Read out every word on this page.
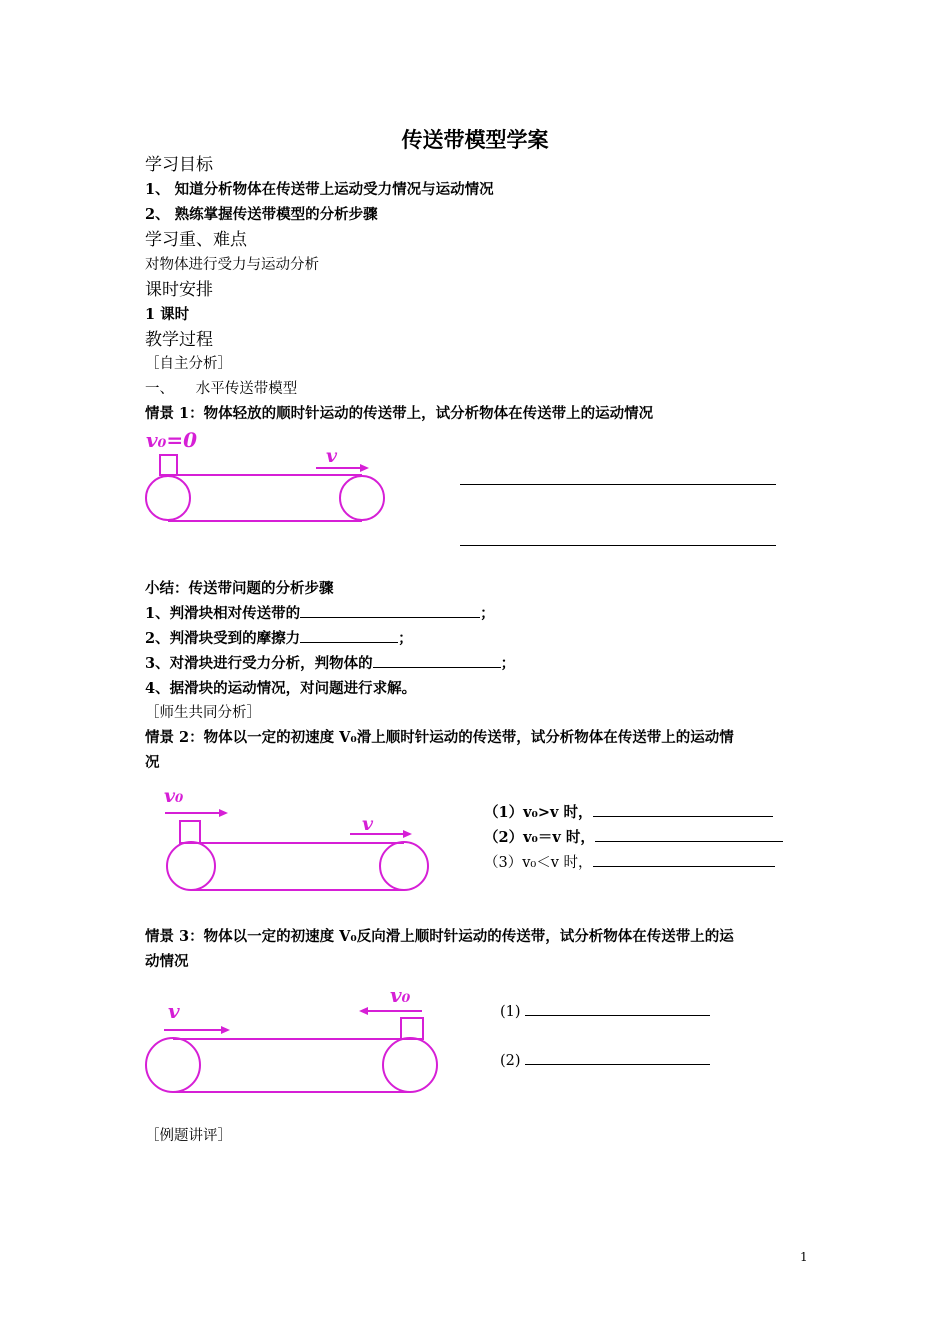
传送带模型学案
学习目标
1、 知道分析物体在传送带上运动受力情况与运动情况
2、 熟练掌握传送带模型的分析步骤
学习重、难点
对物体进行受力与运动分析
课时安排
1 课时
教学过程
［自主分析］
一、　　水平传送带模型
情景 1：物体轻放的顺时针运动的传送带上，试分析物体在传送带上的运动情况
v₀=0
v
小结：传送带问题的分析步骤
1、判滑块相对传送带的	；
2、判滑块受到的摩擦力	；
3、对滑块进行受力分析，判物体的	；
4、据滑块的运动情况，对问题进行求解。
［师生共同分析］
情景 2：物体以一定的初速度 V₀滑上顺时针运动的传送带，试分析物体在传送带上的运动情
况
v₀
v
（1）v₀>v 时，
（2）v₀＝v 时，
（3）v₀＜v 时，
情景 3：物体以一定的初速度 V₀反向滑上顺时针运动的传送带，试分析物体在传送带上的运
动情况
v₀
v	(1)
(2)
［例题讲评］
1
